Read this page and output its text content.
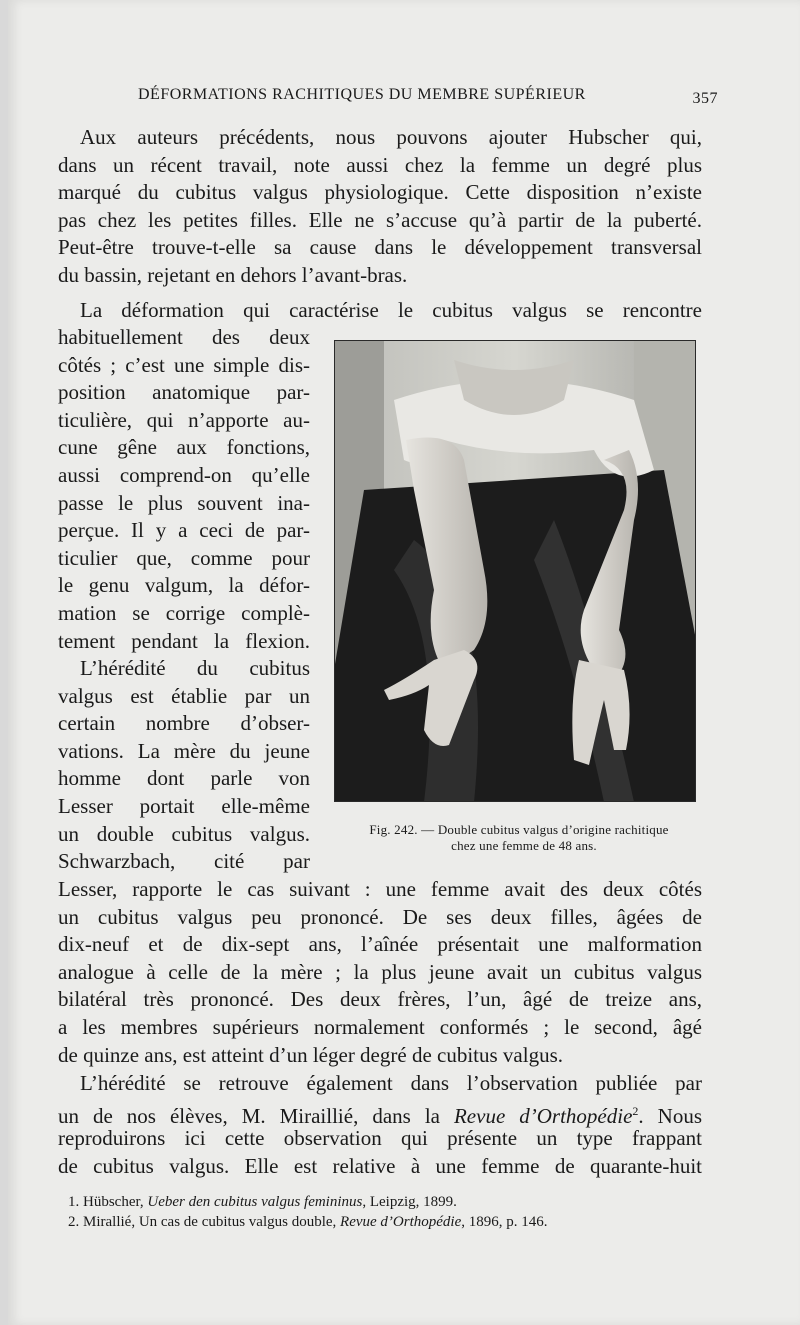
DÉFORMATIONS RACHITIQUES DU MEMBRE SUPÉRIEUR	357
Aux auteurs précédents, nous pouvons ajouter Hubscher qui,
dans un récent travail, note aussi chez la femme un degré plus
marqué du cubitus valgus physiologique. Cette disposition n’existe
pas chez les petites filles. Elle ne s’accuse qu’à partir de la puberté.
Peut-être trouve-t-elle sa cause dans le développement transversal
du bassin, rejetant en dehors l’avant-bras.
La déformation qui caractérise le cubitus valgus se rencontre
habituellement des deux
côtés ; c’est une simple dis-
position anatomique par-
ticulière, qui n’apporte au-
cune gêne aux fonctions,
aussi comprend-on qu’elle
passe le plus souvent ina-
perçue. Il y a ceci de par-
ticulier que, comme pour
le genu valgum, la défor-
mation se corrige complè-
tement pendant la flexion.
L’hérédité du cubitus
valgus est établie par un
certain nombre d’obser-
vations. La mère du jeune
homme dont parle von
Lesser portait elle-même
un double cubitus valgus.
Schwarzbach, cité par
Fig. 242. — Double cubitus valgus d’origine rachitique
chez une femme de 48 ans.
Lesser, rapporte le cas suivant : une femme avait des deux côtés
un cubitus valgus peu prononcé. De ses deux filles, âgées de
dix-neuf et de dix-sept ans, l’aînée présentait une malformation
analogue à celle de la mère ; la plus jeune avait un cubitus valgus
bilatéral très prononcé. Des deux frères, l’un, âgé de treize ans,
a les membres supérieurs normalement conformés ; le second, âgé
de quinze ans, est atteint d’un léger degré de cubitus valgus.
L’hérédité se retrouve également dans l’observation publiée par
un de nos élèves, M. Miraillié, dans la Revue d’Orthopédie$^2$. Nous
reproduirons ici cette observation qui présente un type frappant
de cubitus valgus. Elle est relative à une femme de quarante-huit
1. Hübscher, Ueber den cubitus valgus femininus, Leipzig, 1899.
2. Mirallié, Un cas de cubitus valgus double, Revue d’Orthopédie, 1896, p. 146.
